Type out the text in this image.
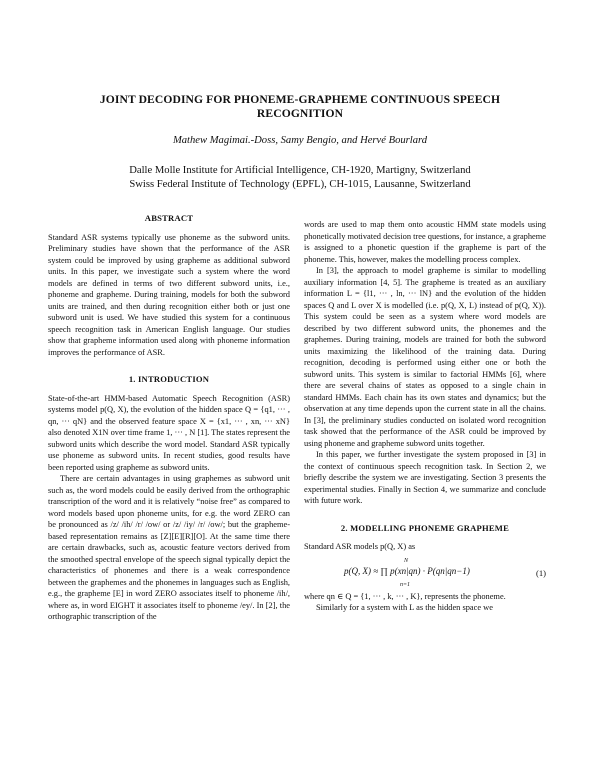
JOINT DECODING FOR PHONEME-GRAPHEME CONTINUOUS SPEECH RECOGNITION
Mathew Magimai.-Doss, Samy Bengio, and Hervé Bourlard
Dalle Molle Institute for Artificial Intelligence, CH-1920, Martigny, Switzerland
Swiss Federal Institute of Technology (EPFL), CH-1015, Lausanne, Switzerland
ABSTRACT

Standard ASR systems typically use phoneme as the subword units. Preliminary studies have shown that the performance of the ASR system could be improved by using grapheme as additional subword units. In this paper, we investigate such a system where the word models are defined in terms of two different subword units, i.e., phoneme and grapheme. During training, models for both the subword units are trained, and then during recognition either both or just one subword unit is used. We have studied this system for a continuous speech recognition task in American English language. Our studies show that grapheme information used along with phoneme information improves the performance of ASR.

1. INTRODUCTION

State-of-the-art HMM-based Automatic Speech Recognition (ASR) systems model p(Q, X), the evolution of the hidden space Q = {q1, ··· , qn, ··· qN} and the observed feature space X = {x1, ··· , xn, ··· xN} also denoted X1N over time frame 1, ··· , N [1]. The states represent the subword units which describe the word model. Standard ASR typically use phoneme as subword units. In recent studies, good results have been reported using grapheme as subword units.

There are certain advantages in using graphemes as subword unit such as, the word models could be easily derived from the orthographic transcription of the word and it is relatively “noise free” as compared to word models based upon phoneme units, for e.g. the word ZERO can be pronounced as /z/ /ih/ /r/ /ow/ or /z/ /iy/ /r/ /ow/; but the grapheme-based representation remains as [Z][E][R][O]. At the same time there are certain drawbacks, such as, acoustic feature vectors derived from the smoothed spectral envelope of the speech signal typically depict the characteristics of phonemes and there is a weak correspondence between the graphemes and the phonemes in languages such as English, e.g., the grapheme [E] in word ZERO associates itself to phoneme /ih/, where as, in word EIGHT it associates itself to phoneme /ey/. In [2], the orthographic transcription of the

words are used to map them onto acoustic HMM state models using phonetically motivated decision tree questions, for instance, a grapheme is assigned to a phonetic question if the grapheme is part of the phoneme. This, however, makes the modelling process complex.

In [3], the approach to model grapheme is similar to modelling auxiliary information [4, 5]. The grapheme is treated as an auxiliary information L = {l1, ··· , ln, ··· lN} and the evolution of the hidden spaces Q and L over X is modelled (i.e. p(Q, X, L) instead of p(Q, X)). This system could be seen as a system where word models are described by two different subword units, the phonemes and the graphemes. During training, models are trained for both the subword units maximizing the likelihood of the training data. During recognition, decoding is performed using either one or both the subword units. This system is similar to factorial HMMs [6], where there are several chains of states as opposed to a single chain in standard HMMs. Each chain has its own states and dynamics; but the observation at any time depends upon the current state in all the chains. In [3], the preliminary studies conducted on isolated word recognition task showed that the performance of the ASR could be improved by using phoneme and grapheme subword units together.

In this paper, we further investigate the system proposed in [3] in the context of continuous speech recognition task. In Section 2, we briefly describe the system we are investigating. Section 3 presents the experimental studies. Finally in Section 4, we summarize and conclude with future work.

2. MODELLING PHONEME GRAPHEME

Standard ASR models p(Q, X) as

p(Q, X) ≈ ∏ p(xn|qn) · P(qn|qn−1)
N
n=1
(1)

where qn ∈ Q = {1, ··· , k, ··· , K}, represents the phoneme.

Similarly for a system with L as the hidden space we
